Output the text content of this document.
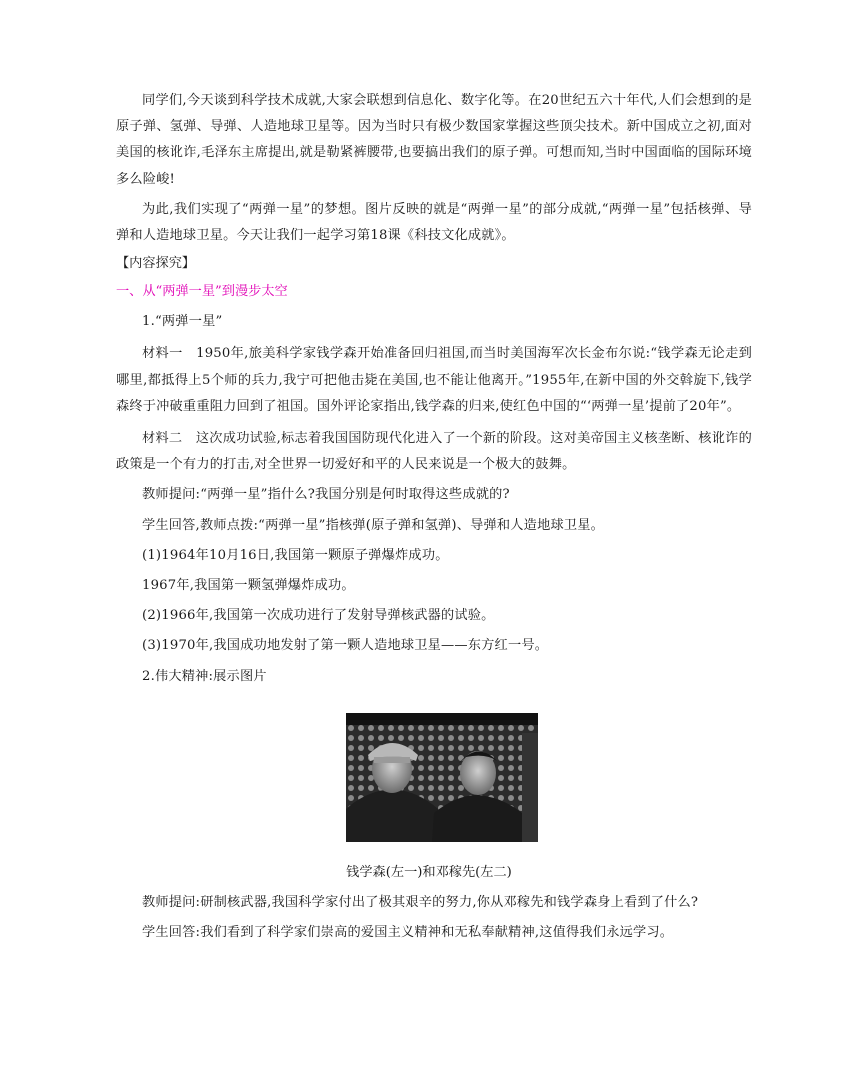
同学们,今天谈到科学技术成就,大家会联想到信息化、数字化等。在20世纪五六十年代,人们会想到的是原子弹、氢弹、导弹、人造地球卫星等。因为当时只有极少数国家掌握这些顶尖技术。新中国成立之初,面对美国的核讹诈,毛泽东主席提出,就是勒紧裤腰带,也要搞出我们的原子弹。可想而知,当时中国面临的国际环境多么险峻!

为此,我们实现了“两弹一星”的梦想。图片反映的就是“两弹一星”的部分成就,“两弹一星”包括核弹、导弹和人造地球卫星。今天让我们一起学习第18课《科技文化成就》。

【内容探究】

一、从“两弹一星”到漫步太空

1.“两弹一星”

材料一　1950年,旅美科学家钱学森开始准备回归祖国,而当时美国海军次长金布尔说:“钱学森无论走到哪里,都抵得上5个师的兵力,我宁可把他击毙在美国,也不能让他离开。”1955年,在新中国的外交斡旋下,钱学森终于冲破重重阻力回到了祖国。国外评论家指出,钱学森的归来,使红色中国的“‘两弹一星’提前了20年”。

材料二　这次成功试验,标志着我国国防现代化进入了一个新的阶段。这对美帝国主义核垄断、核讹诈的政策是一个有力的打击,对全世界一切爱好和平的人民来说是一个极大的鼓舞。

教师提问:“两弹一星”指什么?我国分别是何时取得这些成就的?

学生回答,教师点拨:“两弹一星”指核弹(原子弹和氢弹)、导弹和人造地球卫星。

(1)1964年10月16日,我国第一颗原子弹爆炸成功。

1967年,我国第一颗氢弹爆炸成功。

(2)1966年,我国第一次成功进行了发射导弹核武器的试验。

(3)1970年,我国成功地发射了第一颗人造地球卫星——东方红一号。

2.伟大精神:展示图片

钱学森(左一)和邓稼先(左二)

教师提问:研制核武器,我国科学家付出了极其艰辛的努力,你从邓稼先和钱学森身上看到了什么?

学生回答:我们看到了科学家们崇高的爱国主义精神和无私奉献精神,这值得我们永远学习。
